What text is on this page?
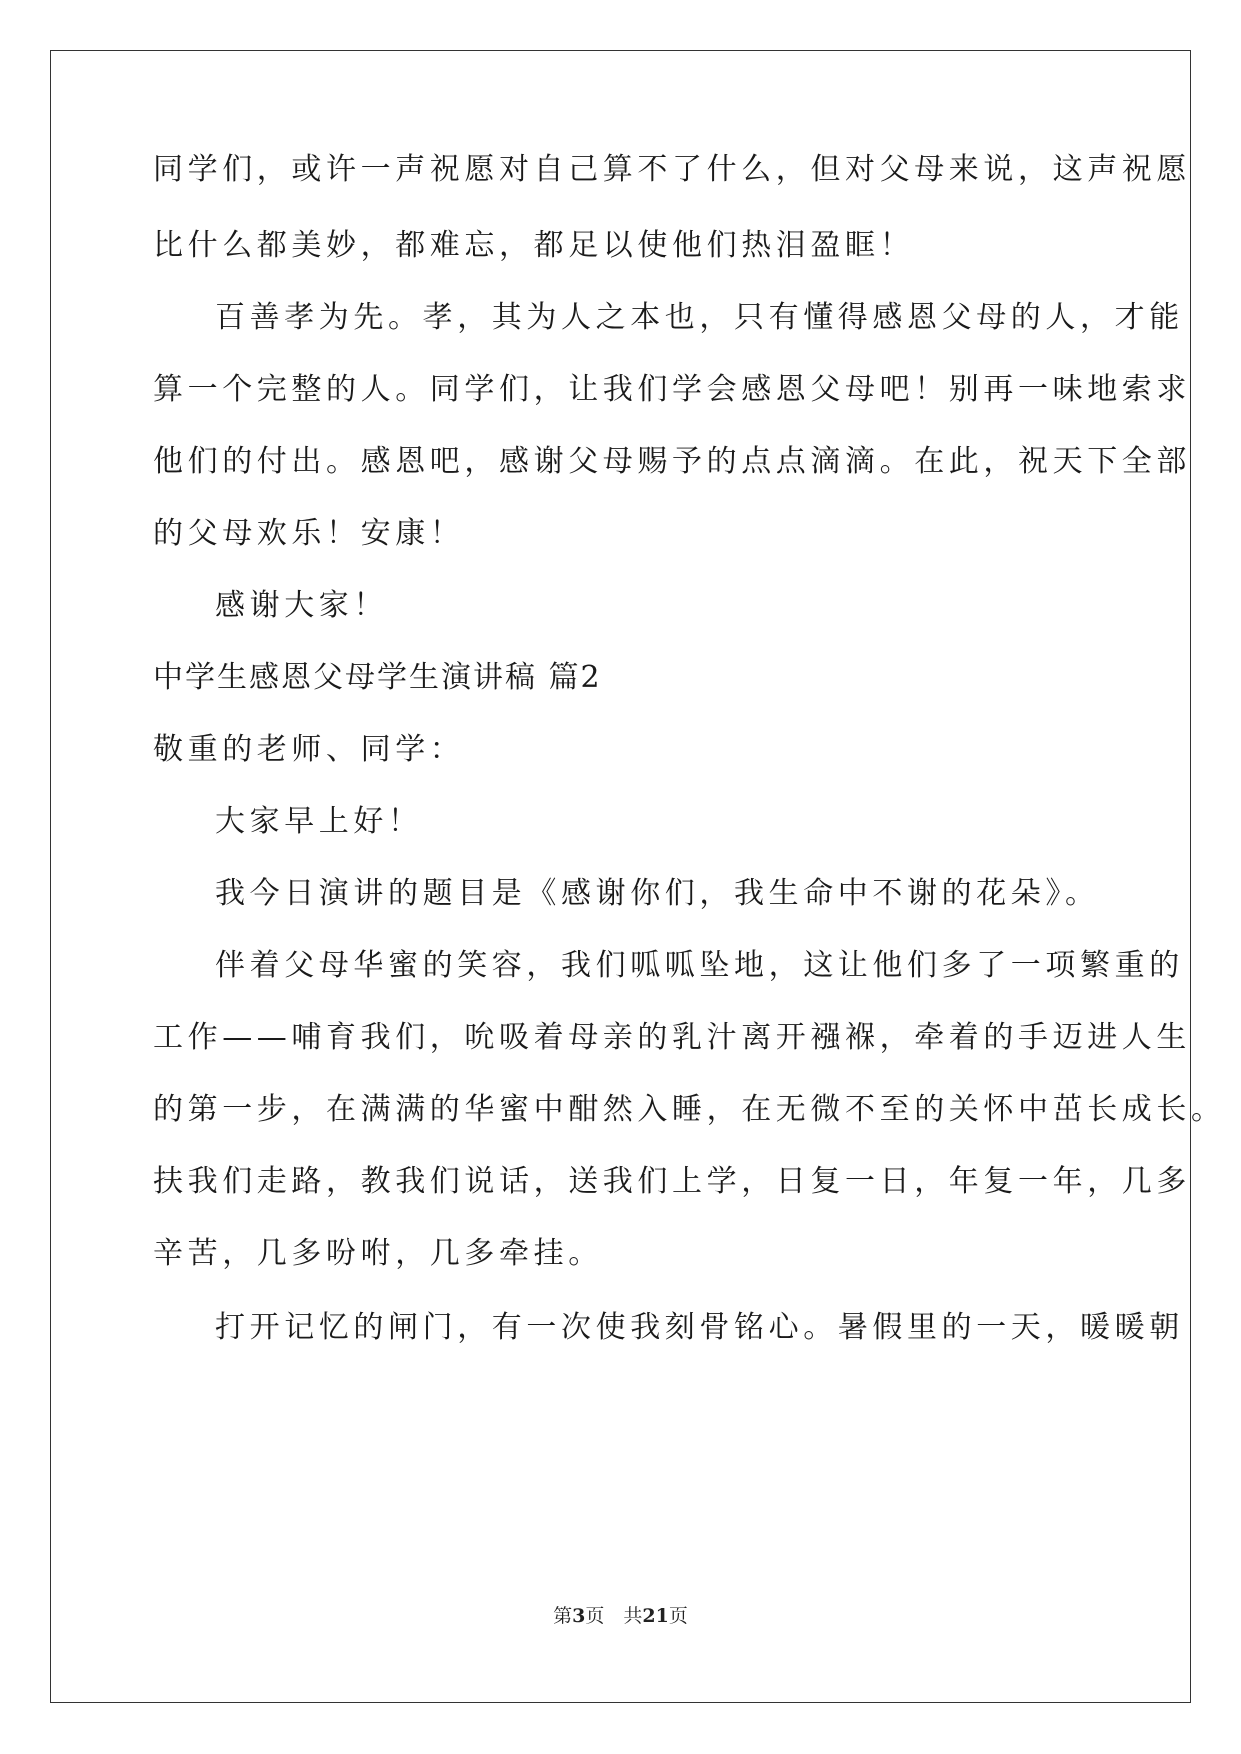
同学们，或许一声祝愿对自己算不了什么，但对父母来说，这声祝愿
比什么都美妙，都难忘，都足以使他们热泪盈眶！
百善孝为先。孝，其为人之本也，只有懂得感恩父母的人，才能
算一个完整的人。同学们，让我们学会感恩父母吧！别再一味地索求
他们的付出。感恩吧，感谢父母赐予的点点滴滴。在此，祝天下全部
的父母欢乐！安康！
感谢大家！
中学生感恩父母学生演讲稿 篇2
敬重的老师、同学：
大家早上好！
我今日演讲的题目是《感谢你们，我生命中不谢的花朵》。
伴着父母华蜜的笑容，我们呱呱坠地，这让他们多了一项繁重的
工作——哺育我们，吮吸着母亲的乳汁离开襁褓，牵着的手迈进人生
的第一步，在满满的华蜜中酣然入睡，在无微不至的关怀中茁长成长。
扶我们走路，教我们说话，送我们上学，日复一日，年复一年，几多
辛苦，几多吩咐，几多牵挂。
打开记忆的闸门，有一次使我刻骨铭心。暑假里的一天，暖暖朝
第3页　共21页
